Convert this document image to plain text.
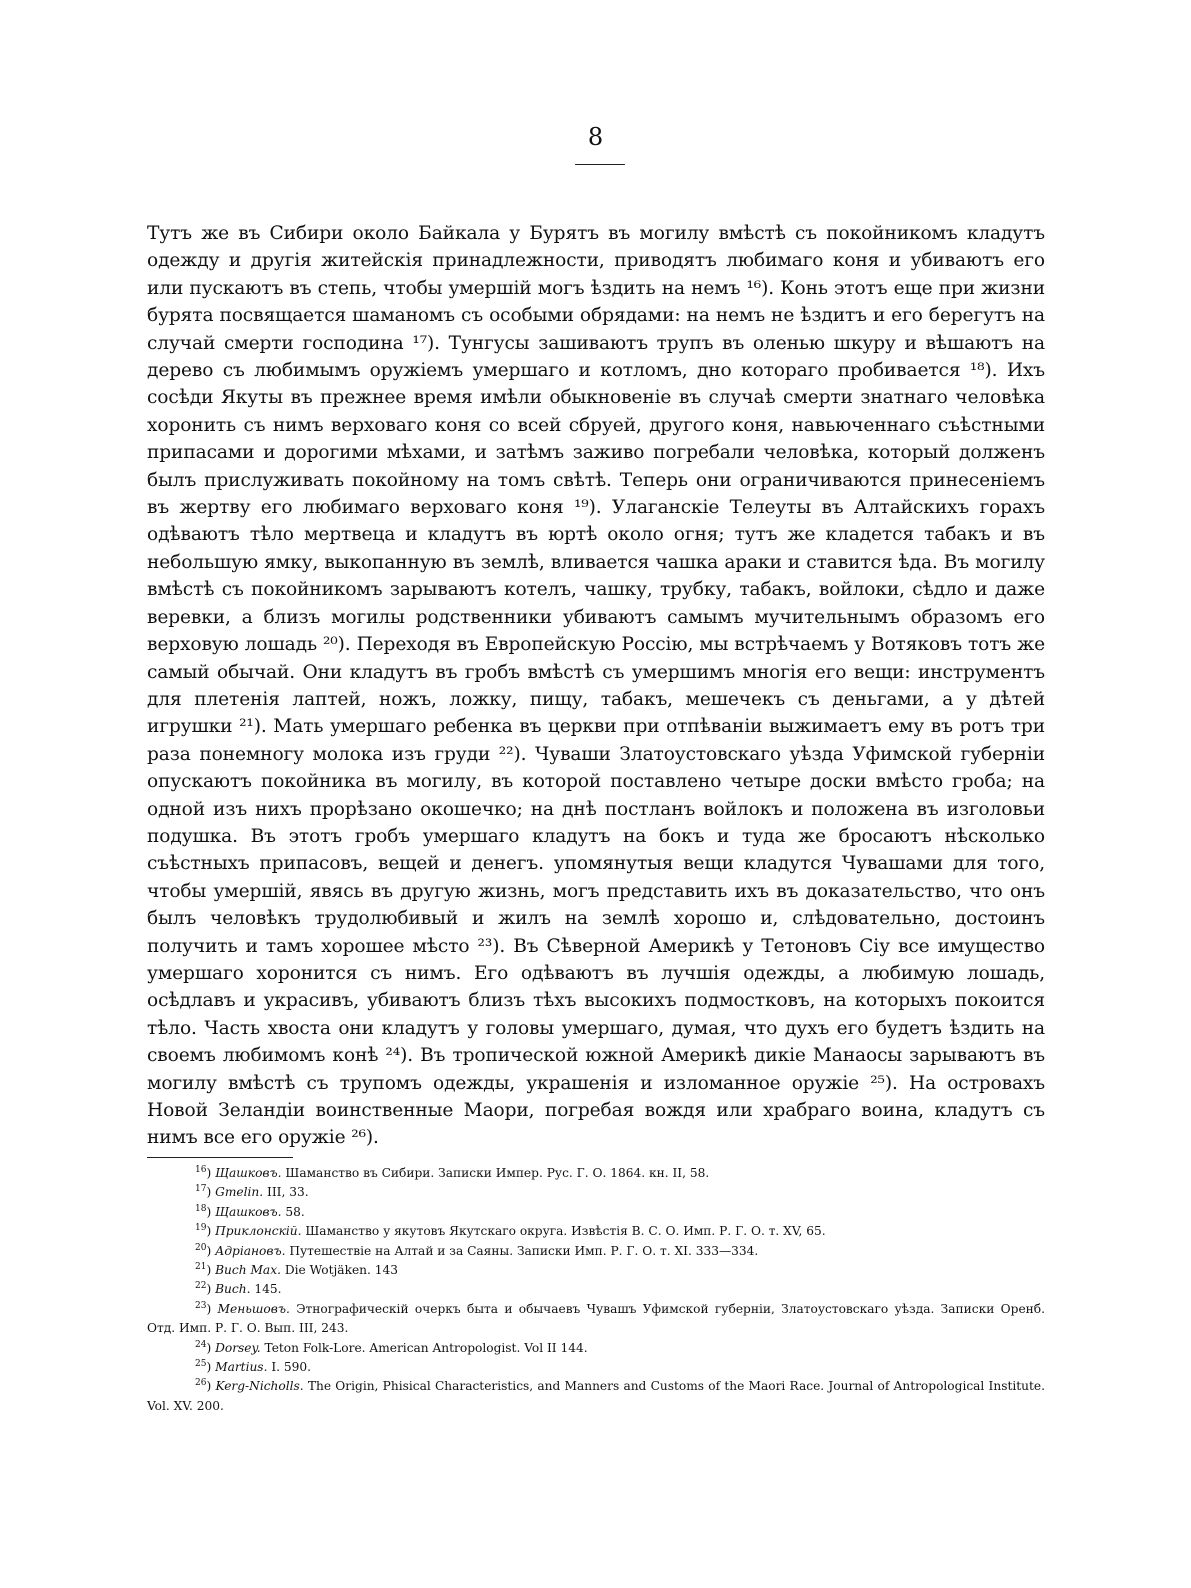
8

Тутъ же въ Сибири около Байкала у Бурятъ въ могилу вмѣстѣ съ покойникомъ кладутъ одежду и другія житейскія принадлежности, приводятъ любимаго коня и убиваютъ его или пускаютъ въ степь, чтобы умершій могъ ѣздить на немъ ¹⁶). Конь этотъ еще при жизни бурята посвящается шаманомъ съ особыми обрядами: на немъ не ѣздитъ и его берегутъ на случай смерти господина ¹⁷). Тунгусы зашиваютъ трупъ въ оленью шкуру и вѣшаютъ на дерево съ любимымъ оружіемъ умершаго и котломъ, дно котораго пробивается ¹⁸). Ихъ сосѣди Якуты въ прежнее время имѣли обыкновеніе въ случаѣ смерти знатнаго человѣка хоронить съ нимъ верховаго коня со всей сбруей, другого коня, навьюченнаго съѣстными припасами и дорогими мѣхами, и затѣмъ заживо погребали человѣка, который долженъ былъ прислуживать покойному на томъ свѣтѣ. Теперь они ограничиваются принесеніемъ въ жертву его любимаго верховаго коня ¹⁹). Улаганскіе Телеуты въ Алтайскихъ горахъ одѣваютъ тѣло мертвеца и кладутъ въ юртѣ около огня; тутъ же кладется табакъ и въ небольшую ямку, выкопанную въ землѣ, вливается чашка араки и ставится ѣда. Въ могилу вмѣстѣ съ покойникомъ зарываютъ котелъ, чашку, трубку, табакъ, войлоки, сѣдло и даже веревки, а близъ могилы родственники убиваютъ самымъ мучительнымъ образомъ его верховую лошадь ²⁰). Переходя въ Европейскую Россію, мы встрѣчаемъ у Вотяковъ тотъ же самый обычай. Они кладутъ въ гробъ вмѣстѣ съ умершимъ многія его вещи: инструментъ для плетенія лаптей, ножъ, ложку, пищу, табакъ, мешечекъ съ деньгами, а у дѣтей игрушки ²¹). Мать умершаго ребенка въ церкви при отпѣваніи выжимаетъ ему въ ротъ три раза понемногу молока изъ груди ²²). Чуваши Златоустовскаго уѣзда Уфимской губерніи опускаютъ покойника въ могилу, въ которой поставлено четыре доски вмѣсто гроба; на одной изъ нихъ прорѣзано окошечко; на днѣ постланъ войлокъ и положена въ изголовьи подушка. Въ этотъ гробъ умершаго кладутъ на бокъ и туда же бросаютъ нѣсколько съѣстныхъ припасовъ, вещей и денегъ. упомянутыя вещи кладутся Чувашами для того, чтобы умершій, явясь въ другую жизнь, могъ представить ихъ въ доказательство, что онъ былъ человѣкъ трудолюбивый и жилъ на землѣ хорошо и, слѣдовательно, достоинъ получить и тамъ хорошее мѣсто ²³). Въ Сѣверной Америкѣ у Тетоновъ Сіу все имущество умершаго хоронится съ нимъ. Его одѣваютъ въ лучшія одежды, а любимую лошадь, осѣдлавъ и украсивъ, убиваютъ близъ тѣхъ высокихъ подмостковъ, на которыхъ покоится тѣло. Часть хвоста они кладутъ у головы умершаго, думая, что духъ его будетъ ѣздить на своемъ любимомъ конѣ ²⁴). Въ тропической южной Америкѣ дикіе Манаосы зарываютъ въ могилу вмѣстѣ съ трупомъ одежды, украшенія и изломанное оружіе ²⁵). На островахъ Новой Зеландіи воинственные Маори, погребая вождя или храбраго воина, кладутъ съ нимъ все его оружіе ²⁶).

$^{16}$) Щашковъ. Шаманство въ Сибири. Записки Импер. Рус. Г. О. 1864. кн. II, 58.
$^{17}$) Gmelin. III, 33.
$^{18}$) Щашковъ. 58.
$^{19}$) Приклонскій. Шаманство у якутовъ Якутскаго округа. Извѣстія В. С. О. Имп. Р. Г. О. т. XV, 65.
$^{20}$) Адріановъ. Путешествіе на Алтай и за Саяны. Записки Имп. Р. Г. О. т. XI. 333—334.
$^{21}$) Buch Max. Die Wotjäken. 143
$^{22}$) Buch. 145.
$^{23}$) Меньшовъ. Этнографическій очеркъ быта и обычаевъ Чувашъ Уфимской губерніи, Златоустовскаго уѣзда. Записки Оренб. Отд. Имп. Р. Г. О. Вып. III, 243.
$^{24}$) Dorsey. Teton Folk-Lore. American Antropologist. Vol II 144.
$^{25}$) Martius. I. 590.
$^{26}$) Kerg-Nicholls. The Origin, Phisical Characteristics, and Manners and Customs of the Maori Race. Journal of Antropological Institute. Vol. XV. 200.
